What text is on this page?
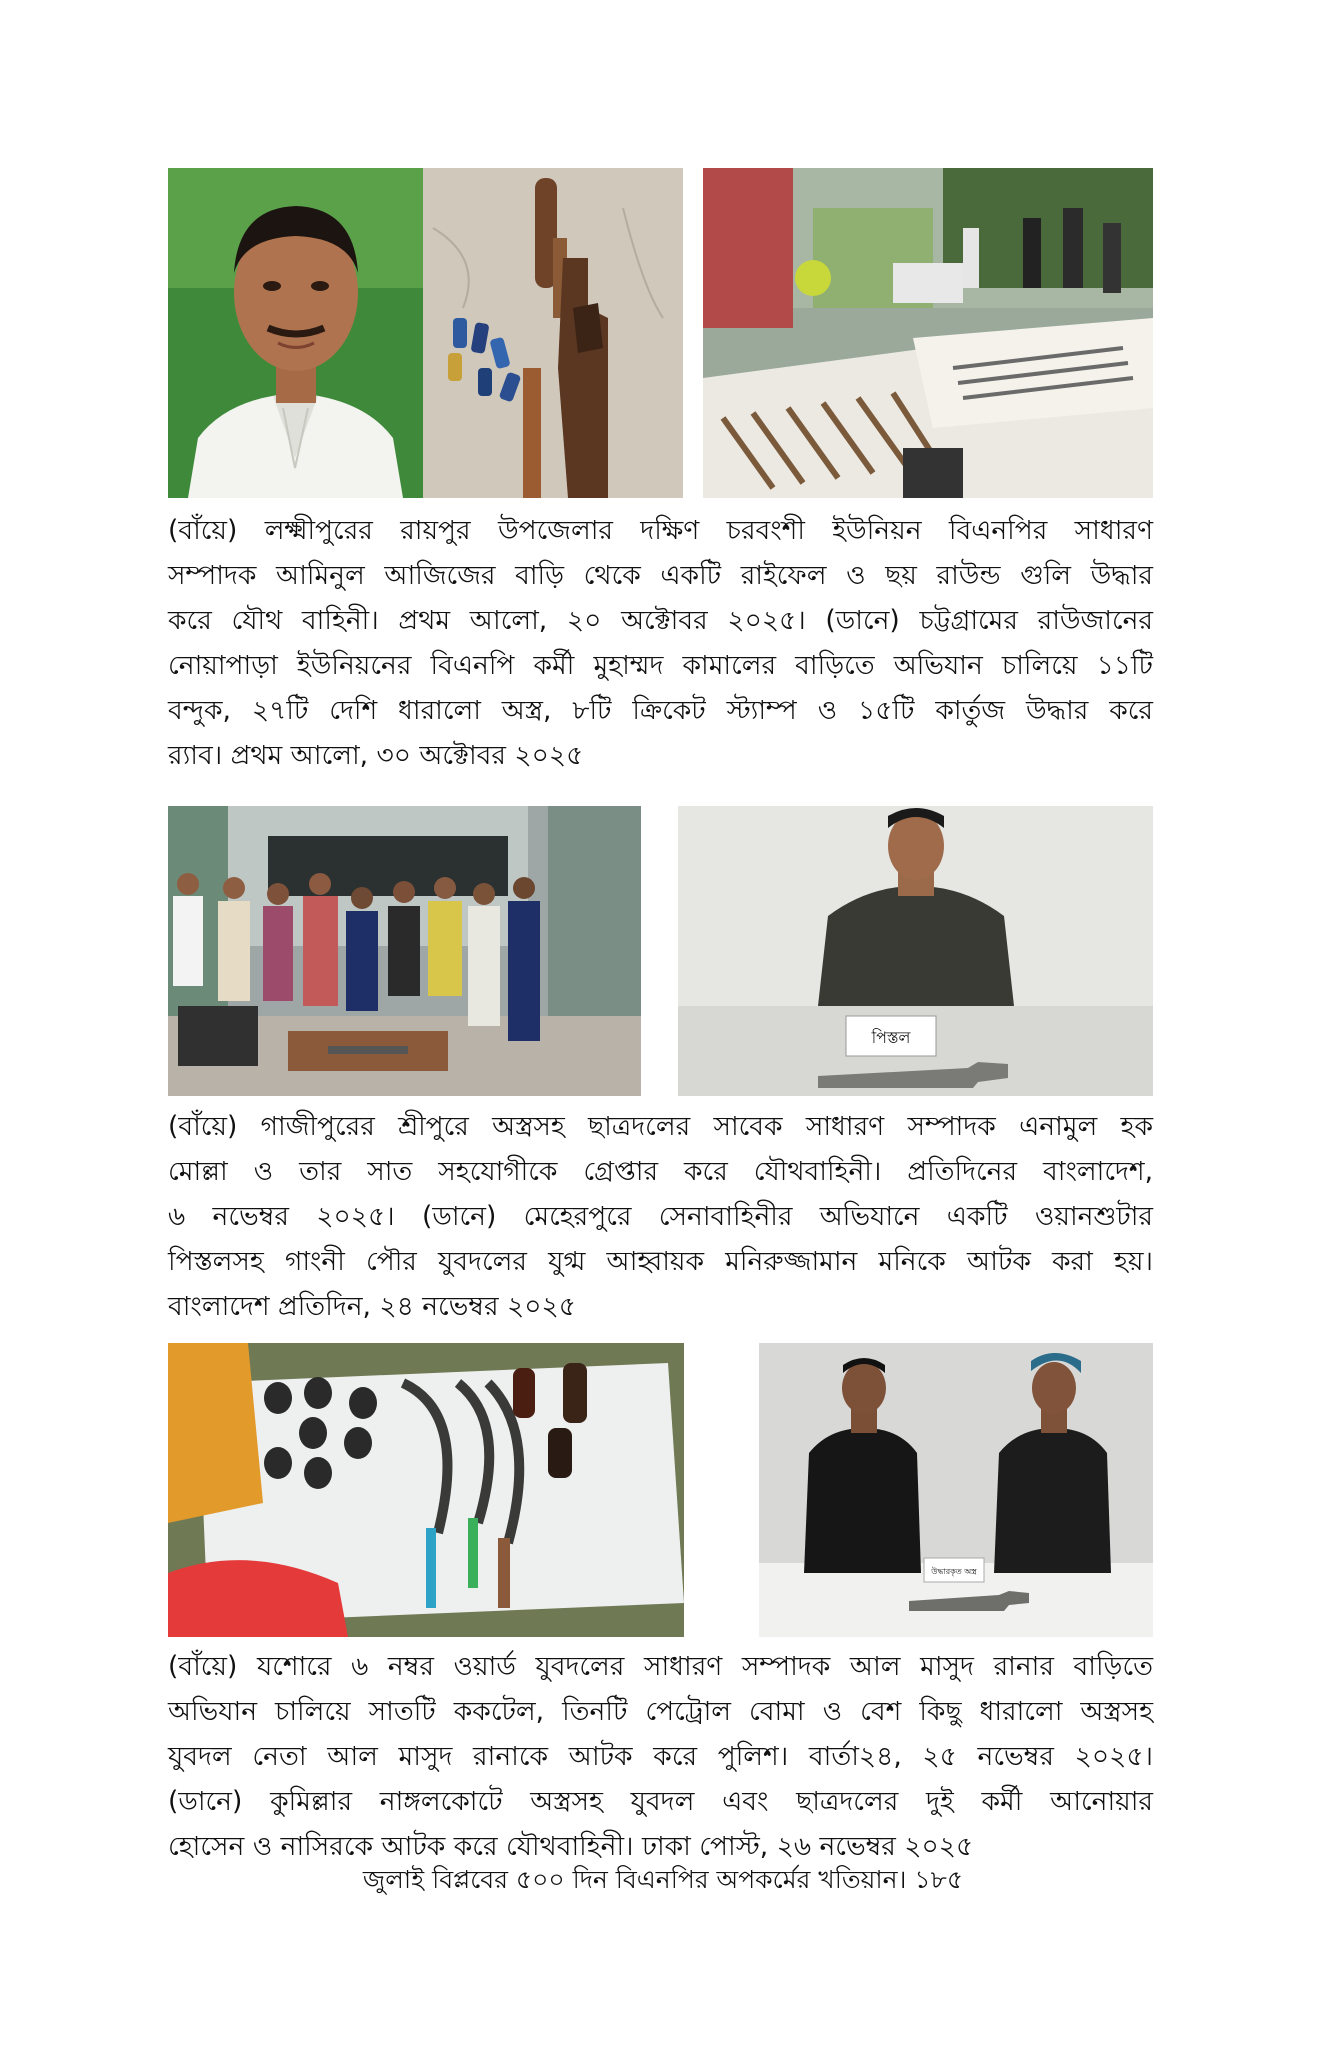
(বাঁয়ে) লক্ষ্মীপুরের রায়পুর উপজেলার দক্ষিণ চরবংশী ইউনিয়ন বিএনপির সাধারণ
সম্পাদক আমিনুল আজিজের বাড়ি থেকে একটি রাইফেল ও ছয় রাউন্ড গুলি উদ্ধার
করে যৌথ বাহিনী। প্রথম আলো, ২০ অক্টোবর ২০২৫। (ডানে) চট্টগ্রামের রাউজানের
নোয়াপাড়া ইউনিয়নের বিএনপি কর্মী মুহাম্মদ কামালের বাড়িতে অভিযান চালিয়ে ১১টি
বন্দুক, ২৭টি দেশি ধারালো অস্ত্র, ৮টি ক্রিকেট স্ট্যাম্প ও ১৫টি কার্তুজ উদ্ধার করে
র‍্যাব। প্রথম আলো, ৩০ অক্টোবর ২০২৫
পিস্তল
(বাঁয়ে) গাজীপুরের শ্রীপুরে অস্ত্রসহ ছাত্রদলের সাবেক সাধারণ সম্পাদক এনামুল হক
মোল্লা ও তার সাত সহযোগীকে গ্রেপ্তার করে যৌথবাহিনী। প্রতিদিনের বাংলাদেশ,
৬ নভেম্বর ২০২৫। (ডানে) মেহেরপুরে সেনাবাহিনীর অভিযানে একটি ওয়ানশুটার
পিস্তলসহ গাংনী পৌর যুবদলের যুগ্ম আহ্বায়ক মনিরুজ্জামান মনিকে আটক করা হয়।
বাংলাদেশ প্রতিদিন, ২৪ নভেম্বর ২০২৫
উদ্ধারকৃত অস্ত্র
(বাঁয়ে) যশোরে ৬ নম্বর ওয়ার্ড যুবদলের সাধারণ সম্পাদক আল মাসুদ রানার বাড়িতে
অভিযান চালিয়ে সাতটি ককটেল, তিনটি পেট্রোল বোমা ও বেশ কিছু ধারালো অস্ত্রসহ
যুবদল নেতা আল মাসুদ রানাকে আটক করে পুলিশ। বার্তা২৪, ২৫ নভেম্বর ২০২৫।
(ডানে) কুমিল্লার নাঙ্গলকোটে অস্ত্রসহ যুবদল এবং ছাত্রদলের দুই কর্মী আনোয়ার
হোসেন ও নাসিরকে আটক করে যৌথবাহিনী। ঢাকা পোস্ট, ২৬ নভেম্বর ২০২৫
জুলাই বিপ্লবের ৫০০ দিন বিএনপির অপকর্মের খতিয়ান। ১৮৫
